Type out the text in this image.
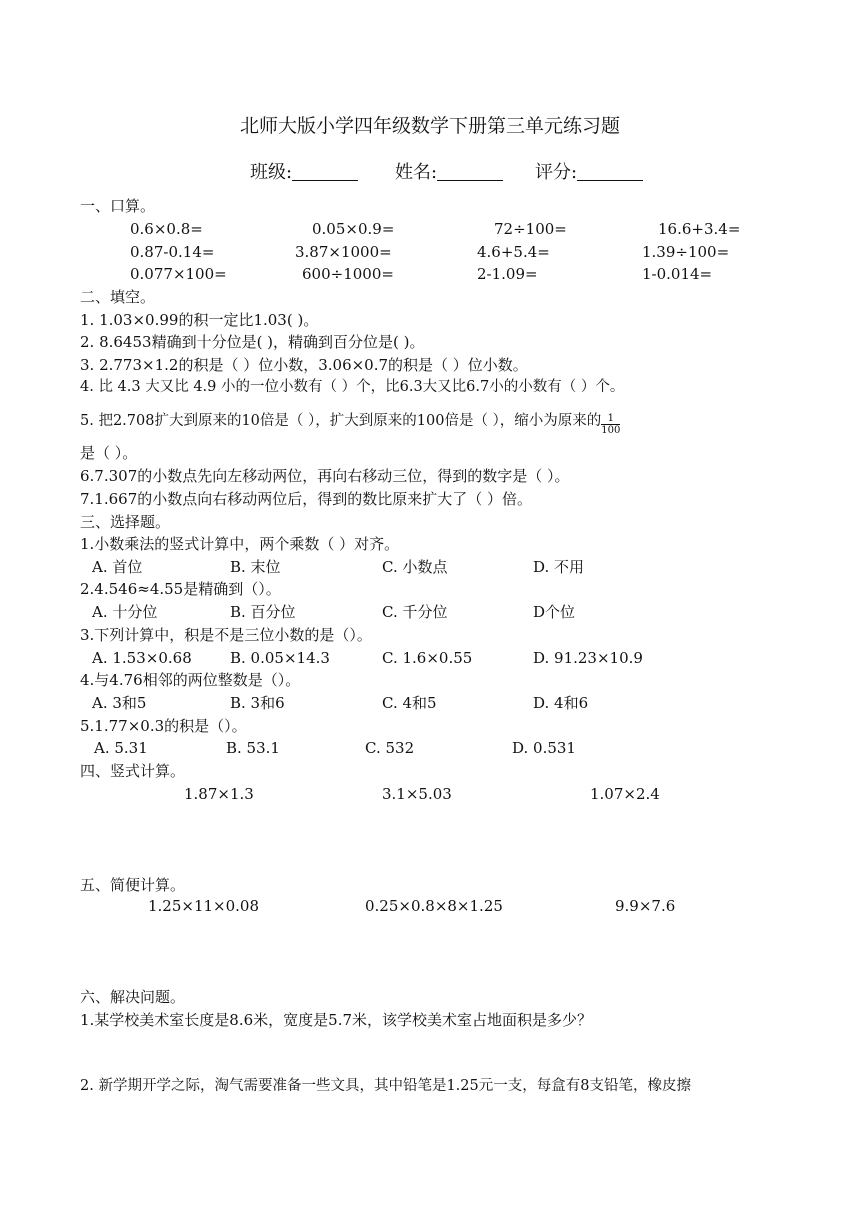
北师大版小学四年级数学下册第三单元练习题
班级:	姓名:	评分:
一、口算。
0.6×0.8=	0.05×0.9=	72÷100=	16.6+3.4=
0.87-0.14=	3.87×1000=	4.6+5.4=	1.39÷100=
0.077×100=	600÷1000=	2-1.09=	1-0.014=
二、填空。
1. 1.03×0.99的积一定比1.03( )。
2. 8.6453精确到十分位是( )，精确到百分位是( )。
3. 2.773×1.2的积是（ ）位小数，3.06×0.7的积是（ ）位小数。
4. 比 4.3 大又比 4.9 小的一位小数有（ ）个，比6.3大又比6.7小的小数有（ ）个。
5. 把2.708扩大到原来的10倍是（ ），扩大到原来的100倍是（ ），缩小为原来的 $\frac{1}{100}$
是（ ）。
6.7.307的小数点先向左移动两位，再向右移动三位，得到的数字是（ ）。
7.1.667的小数点向右移动两位后，得到的数比原来扩大了（ ）倍。
三、选择题。
1.小数乘法的竖式计算中，两个乘数（ ）对齐。
A. 首位	B. 末位	C. 小数点	D. 不用
2.4.546≈4.55是精确到（）。
A. 十分位	B. 百分位	C. 千分位	D个位
3.下列计算中，积是不是三位小数的是（）。
A. 1.53×0.68	B. 0.05×14.3	C. 1.6×0.55	D. 91.23×10.9
4.与4.76相邻的两位整数是（）。
A. 3和5	B. 3和6	C. 4和5	D. 4和6
5.1.77×0.3的积是（）。
A. 5.31	B. 53.1	C. 532	D. 0.531
四、竖式计算。
1.87×1.3	3.1×5.03	1.07×2.4
五、简便计算。
1.25×11×0.08	0.25×0.8×8×1.25	9.9×7.6
六、解决问题。
1.某学校美术室长度是8.6米，宽度是5.7米，该学校美术室占地面积是多少？
2. 新学期开学之际，淘气需要准备一些文具，其中铅笔是1.25元一支，每盒有8支铅笔，橡皮擦
